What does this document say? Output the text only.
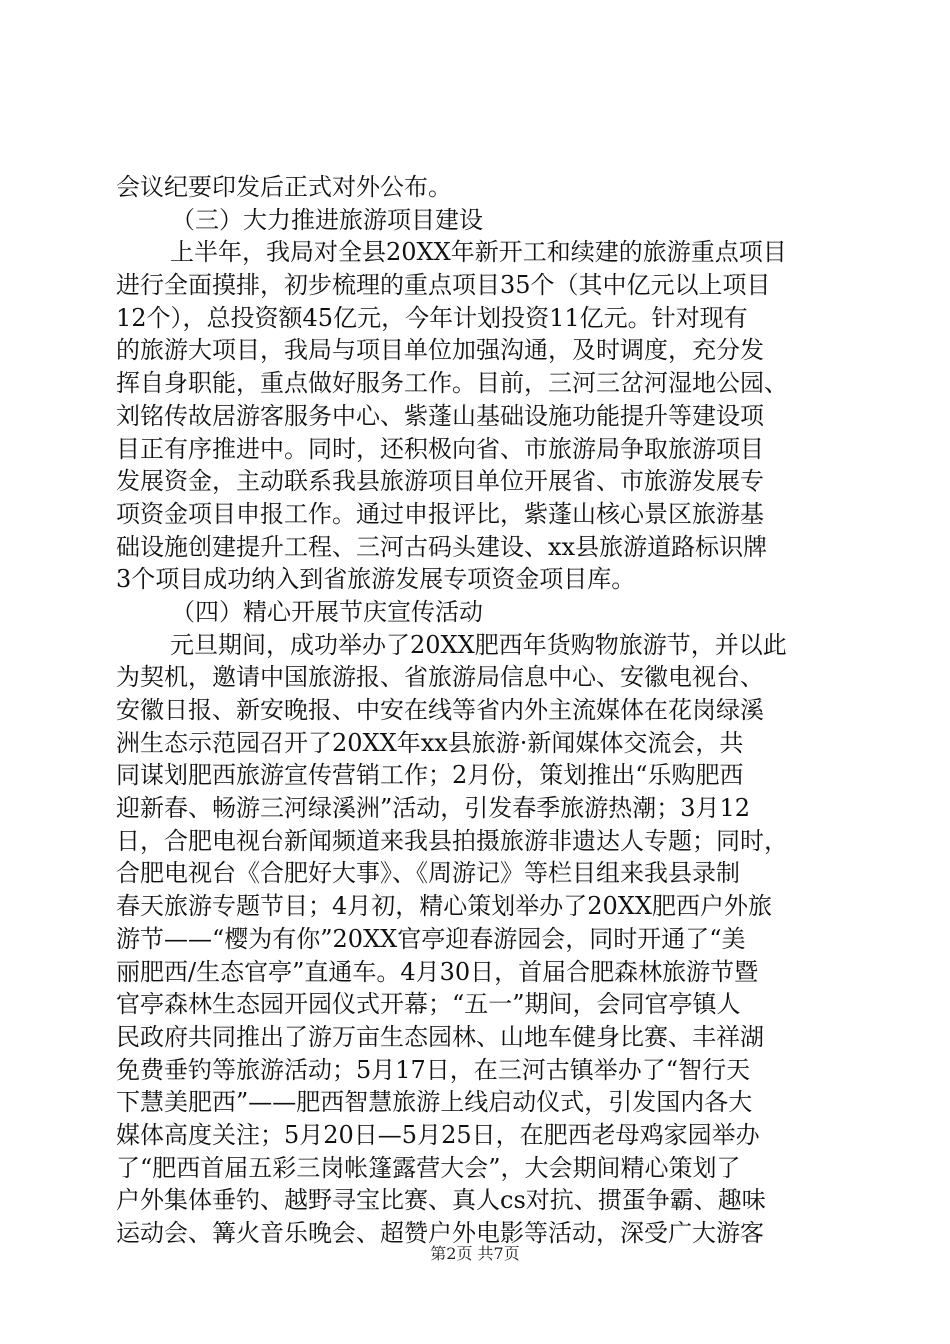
会议纪要印发后正式对外公布。
（三）大力推进旅游项目建设
上半年，我局对全县20XX年新开工和续建的旅游重点项目
进行全面摸排，初步梳理的重点项目35个（其中亿元以上项目
12个），总投资额45亿元，今年计划投资11亿元。针对现有
的旅游大项目，我局与项目单位加强沟通，及时调度，充分发
挥自身职能，重点做好服务工作。目前，三河三岔河湿地公园、
刘铭传故居游客服务中心、紫蓬山基础设施功能提升等建设项
目正有序推进中。同时，还积极向省、市旅游局争取旅游项目
发展资金，主动联系我县旅游项目单位开展省、市旅游发展专
项资金项目申报工作。通过申报评比，紫蓬山核心景区旅游基
础设施创建提升工程、三河古码头建设、xx县旅游道路标识牌
3个项目成功纳入到省旅游发展专项资金项目库。
（四）精心开展节庆宣传活动
元旦期间，成功举办了20XX肥西年货购物旅游节，并以此
为契机，邀请中国旅游报、省旅游局信息中心、安徽电视台、
安徽日报、新安晚报、中安在线等省内外主流媒体在花岗绿溪
洲生态示范园召开了20XX年xx县旅游·新闻媒体交流会，共
同谋划肥西旅游宣传营销工作；2月份，策划推出“乐购肥西
迎新春、畅游三河绿溪洲”活动，引发春季旅游热潮；3月12
日，合肥电视台新闻频道来我县拍摄旅游非遗达人专题；同时，
合肥电视台《合肥好大事》、《周游记》等栏目组来我县录制
春天旅游专题节目；4月初，精心策划举办了20XX肥西户外旅
游节——“樱为有你”20XX官亭迎春游园会，同时开通了“美
丽肥西/生态官亭”直通车。4月30日，首届合肥森林旅游节暨
官亭森林生态园开园仪式开幕；“五一”期间，会同官亭镇人
民政府共同推出了游万亩生态园林、山地车健身比赛、丰祥湖
免费垂钓等旅游活动；5月17日，在三河古镇举办了“智行天
下慧美肥西”——肥西智慧旅游上线启动仪式，引发国内各大
媒体高度关注；5月20日—5月25日，在肥西老母鸡家园举办
了“肥西首届五彩三岗帐篷露营大会”，大会期间精心策划了
户外集体垂钓、越野寻宝比赛、真人cs对抗、掼蛋争霸、趣味
运动会、篝火音乐晚会、超赞户外电影等活动，深受广大游客
第2页 共7页
